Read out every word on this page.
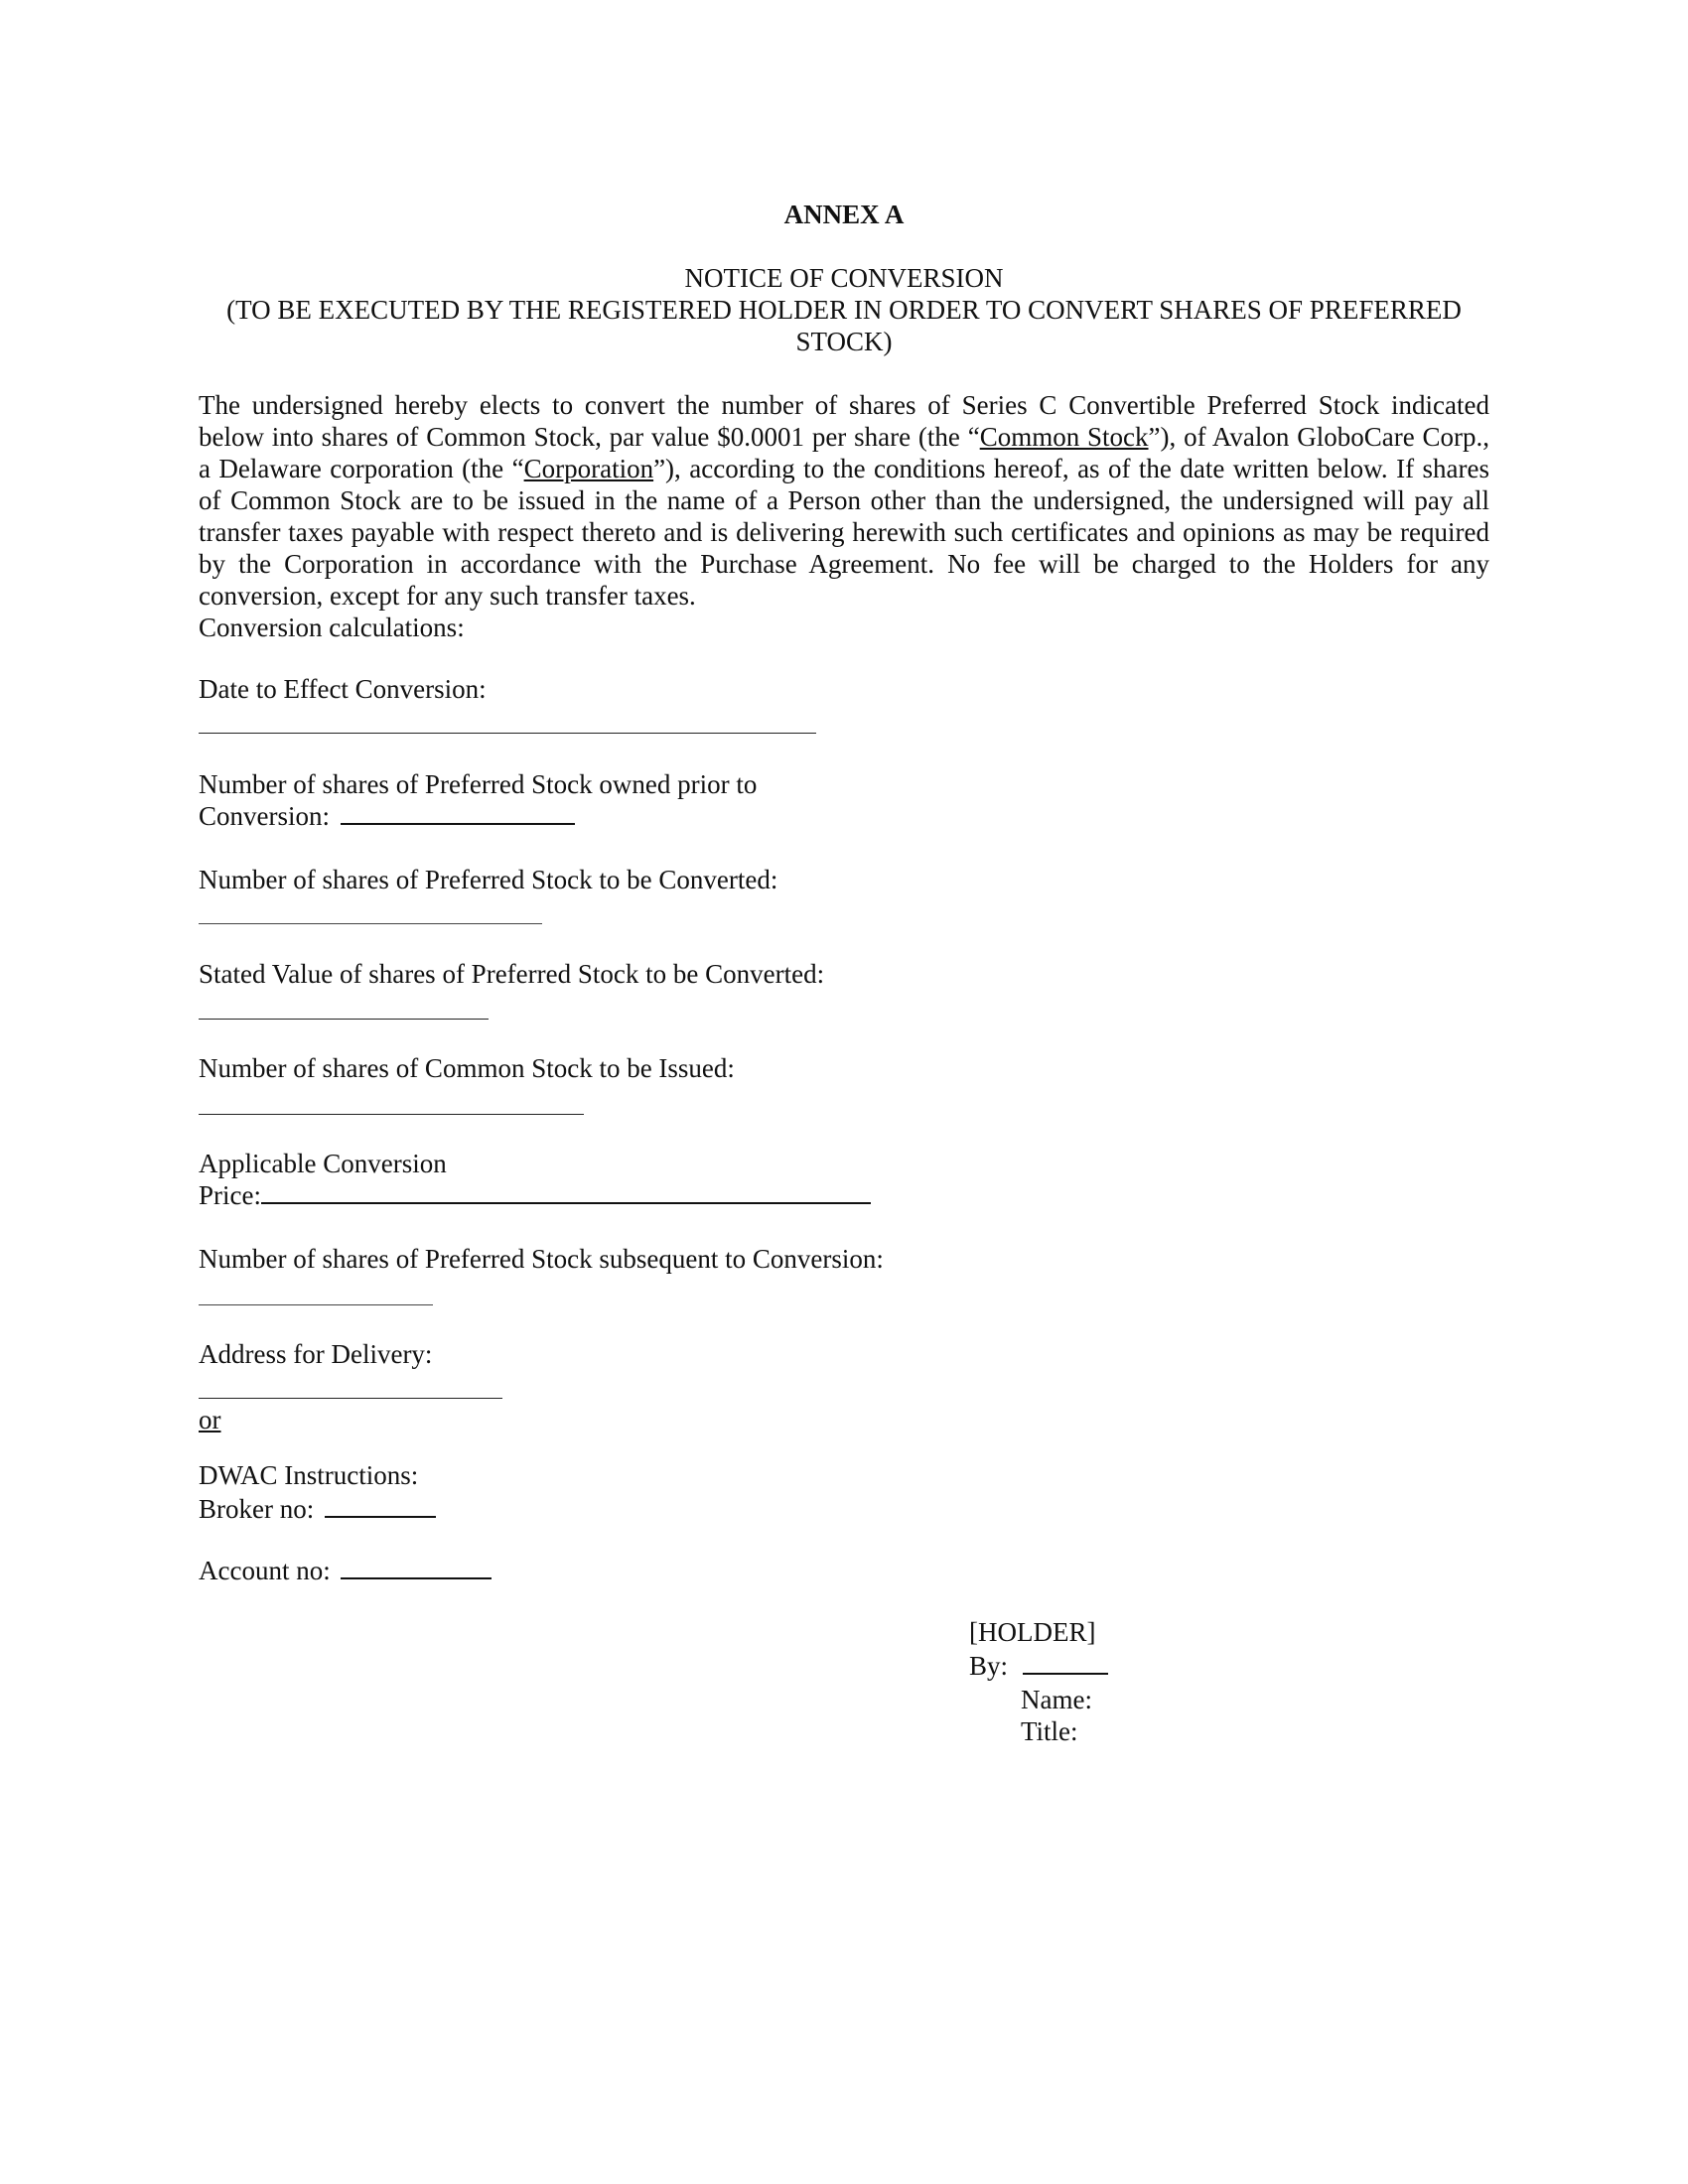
ANNEX A
NOTICE OF CONVERSION
(TO BE EXECUTED BY THE REGISTERED HOLDER IN ORDER TO CONVERT SHARES OF PREFERRED
STOCK)
The undersigned hereby elects to convert the number of shares of Series C Convertible Preferred Stock indicated
below into shares of Common Stock, par value $0.0001 per share (the “Common Stock”), of Avalon GloboCare Corp.,
a Delaware corporation (the “Corporation”), according to the conditions hereof, as of the date written below. If shares
of Common Stock are to be issued in the name of a Person other than the undersigned, the undersigned will pay all
transfer taxes payable with respect thereto and is delivering herewith such certificates and opinions as may be required
by the Corporation in accordance with the Purchase Agreement. No fee will be charged to the Holders for any
conversion, except for any such transfer taxes.
Conversion calculations:
Date to Effect Conversion:
Number of shares of Preferred Stock owned prior to
Conversion:
Number of shares of Preferred Stock to be Converted:
Stated Value of shares of Preferred Stock to be Converted:
Number of shares of Common Stock to be Issued:
Applicable Conversion
Price:
Number of shares of Preferred Stock subsequent to Conversion:
Address for Delivery:
or
DWAC Instructions:
Broker no:
Account no:
[HOLDER]
By:
Name:
Title:
